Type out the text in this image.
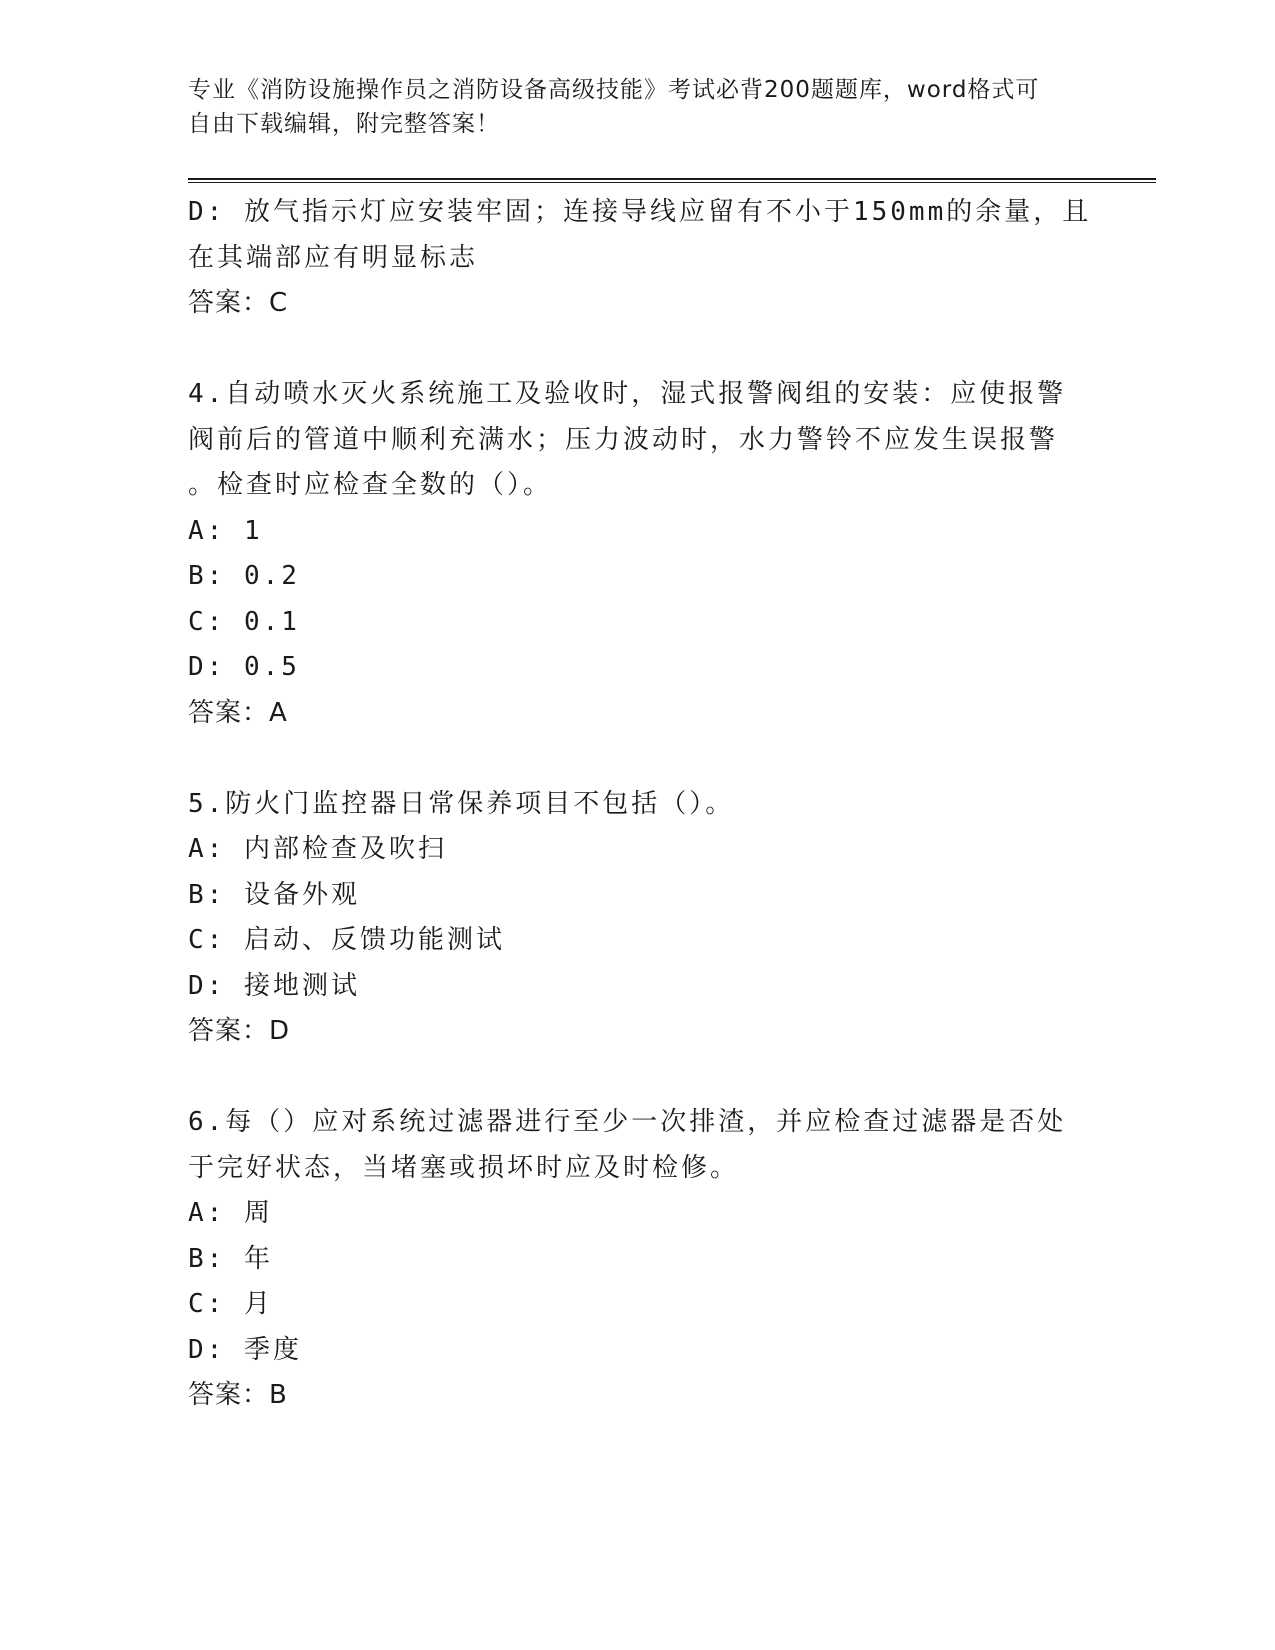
专业《消防设施操作员之消防设备高级技能》考试必背200题题库，word格式可
自由下载编辑，附完整答案！
D: 放气指示灯应安装牢固；连接导线应留有不小于150mm的余量，且
在其端部应有明显标志
答案：C
4.自动喷水灭火系统施工及验收时，湿式报警阀组的安装：应使报警
阀前后的管道中顺利充满水；压力波动时，水力警铃不应发生误报警
。检查时应检查全数的（）。
A: 1
B: 0.2
C: 0.1
D: 0.5
答案：A
5.防火门监控器日常保养项目不包括（）。
A: 内部检查及吹扫
B: 设备外观
C: 启动、反馈功能测试
D: 接地测试
答案：D
6.每（）应对系统过滤器进行至少一次排渣，并应检查过滤器是否处
于完好状态，当堵塞或损坏时应及时检修。
A: 周
B: 年
C: 月
D: 季度
答案：B
